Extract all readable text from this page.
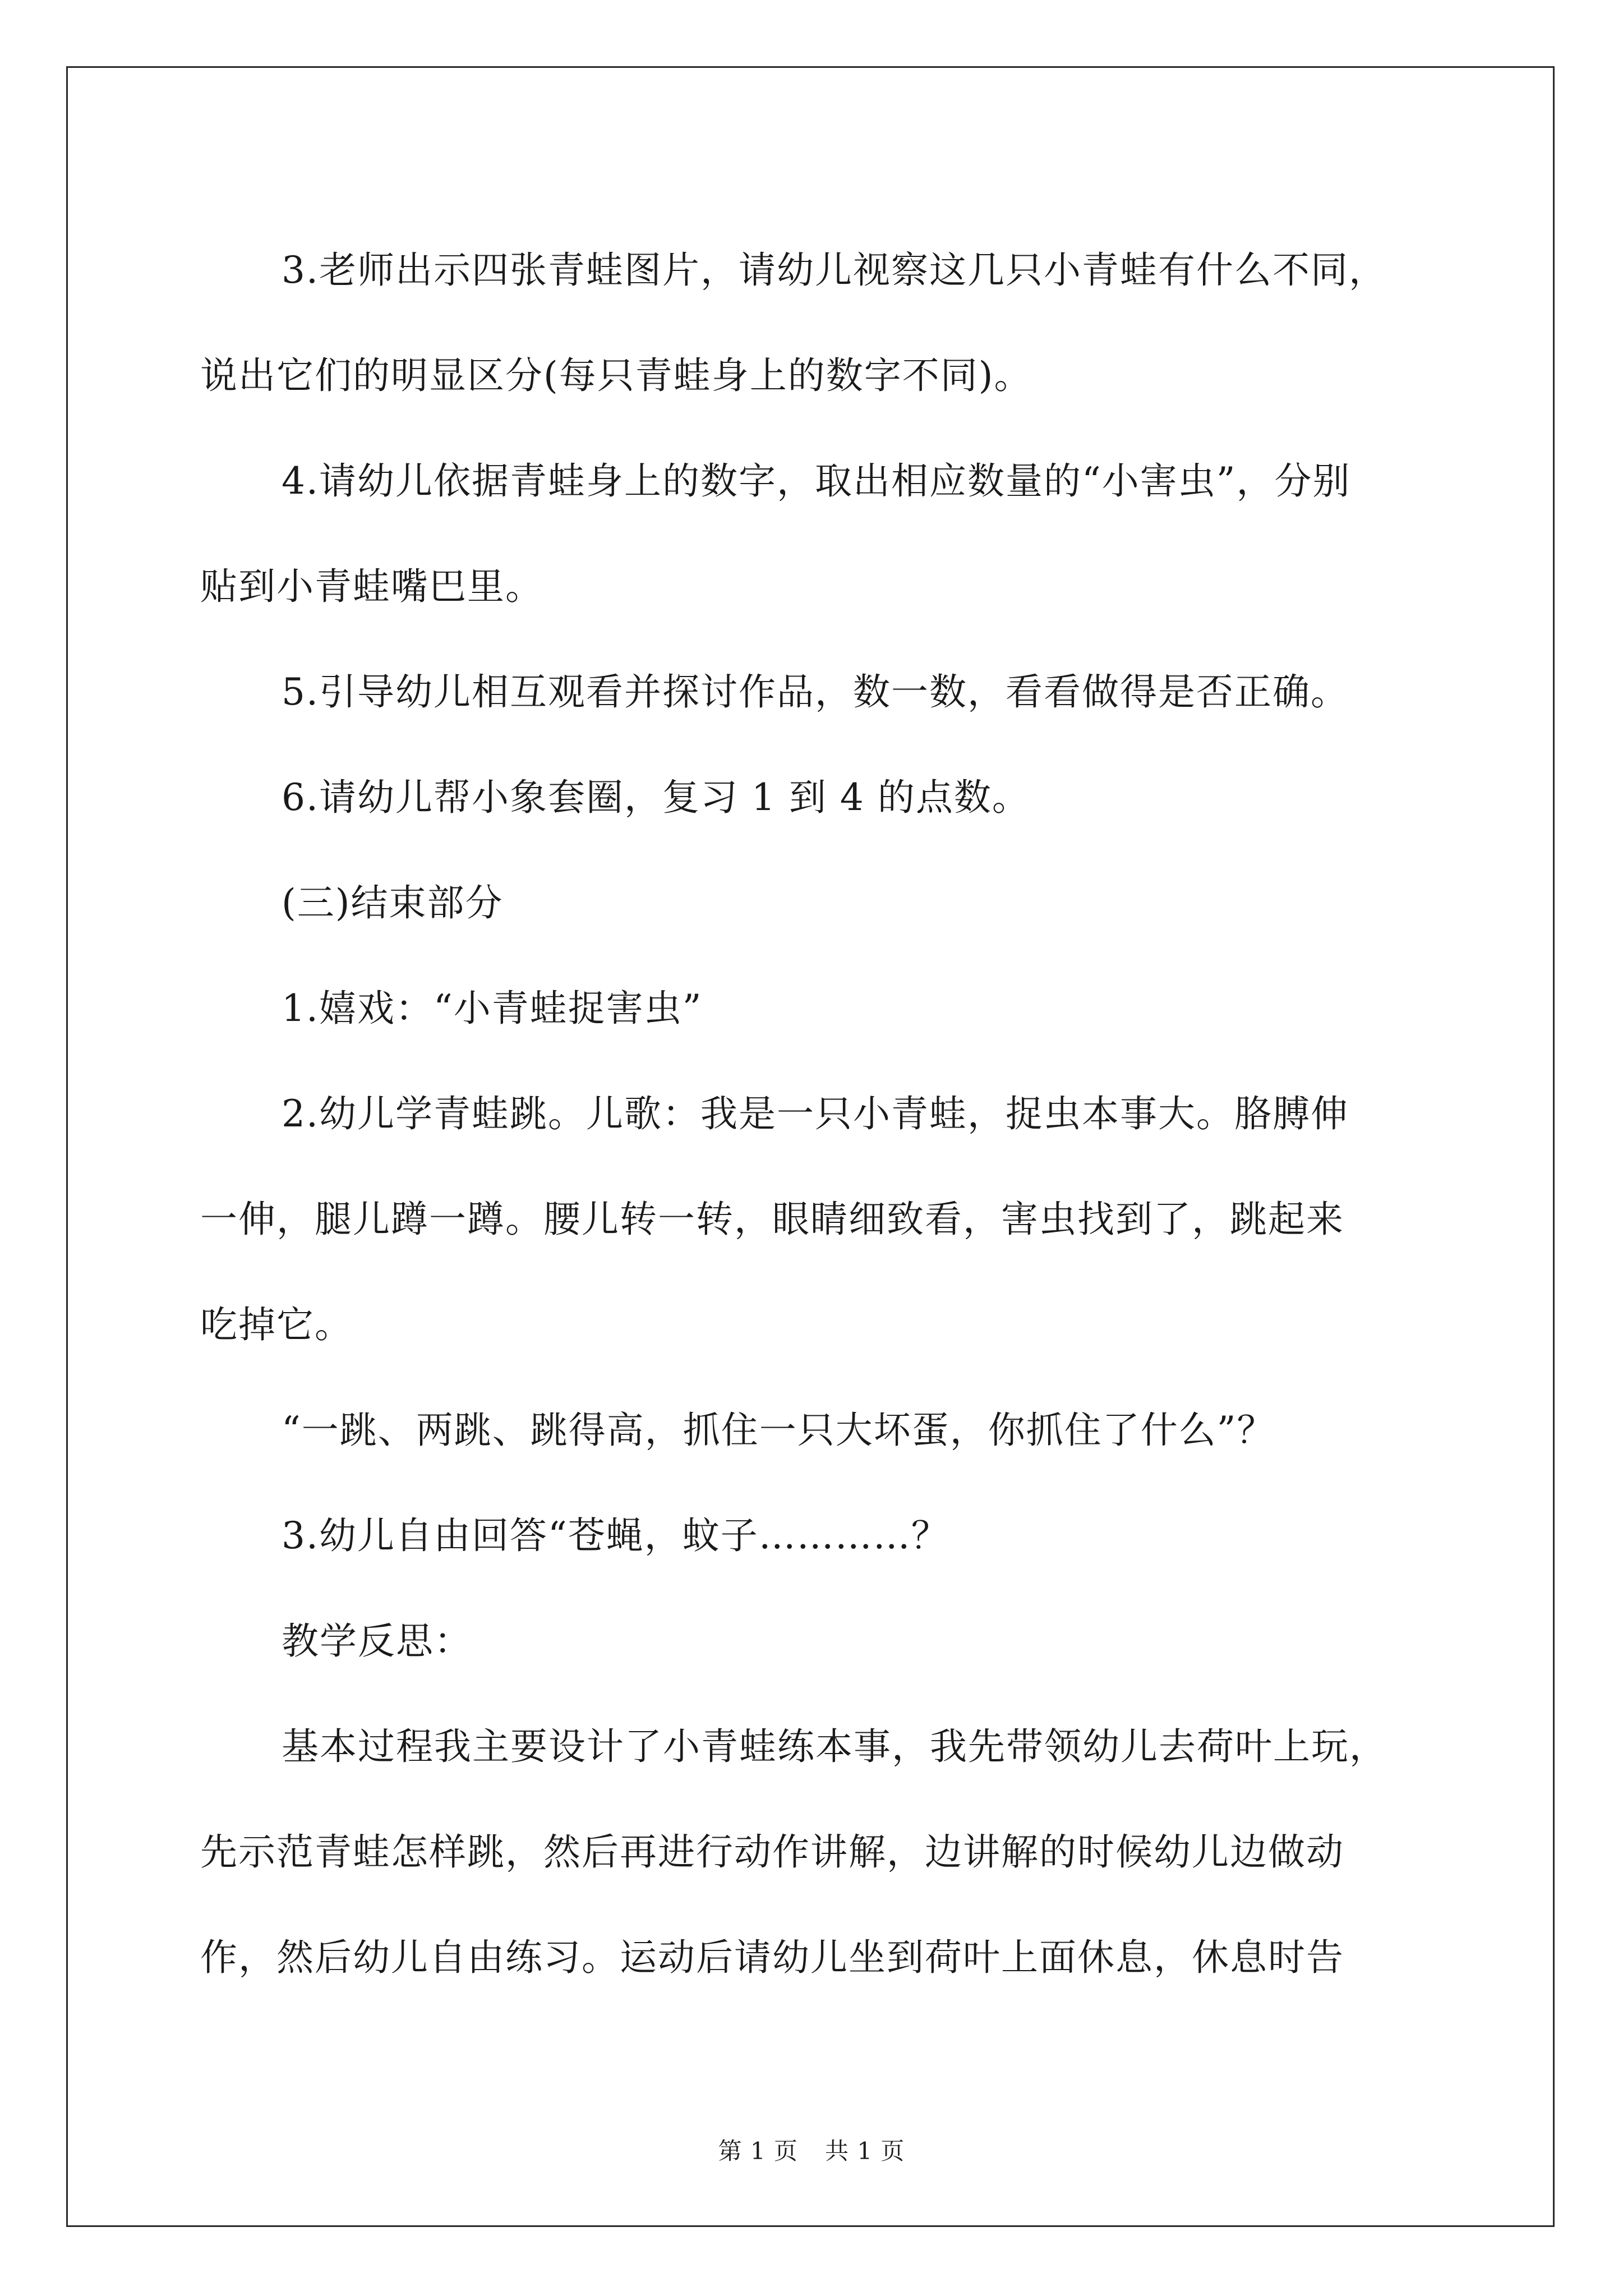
3.老师出示四张青蛙图片，请幼儿视察这几只小青蛙有什么不同，
说出它们的明显区分(每只青蛙身上的数字不同)。
4.请幼儿依据青蛙身上的数字，取出相应数量的“小害虫”，分别
贴到小青蛙嘴巴里。
5.引导幼儿相互观看并探讨作品，数一数，看看做得是否正确。
6.请幼儿帮小象套圈，复习 1 到 4 的点数。
(三)结束部分
1.嬉戏：“小青蛙捉害虫”
2.幼儿学青蛙跳。儿歌：我是一只小青蛙，捉虫本事大。胳膊伸
一伸，腿儿蹲一蹲。腰儿转一转，眼睛细致看，害虫找到了，跳起来
吃掉它。
“一跳、两跳、跳得高，抓住一只大坏蛋，你抓住了什么”？
3.幼儿自由回答“苍蝇，蚊子…………？
教学反思：
基本过程我主要设计了小青蛙练本事，我先带领幼儿去荷叶上玩，
先示范青蛙怎样跳，然后再进行动作讲解，边讲解的时候幼儿边做动
作，然后幼儿自由练习。运动后请幼儿坐到荷叶上面休息，休息时告

第 1 页 共 1 页
